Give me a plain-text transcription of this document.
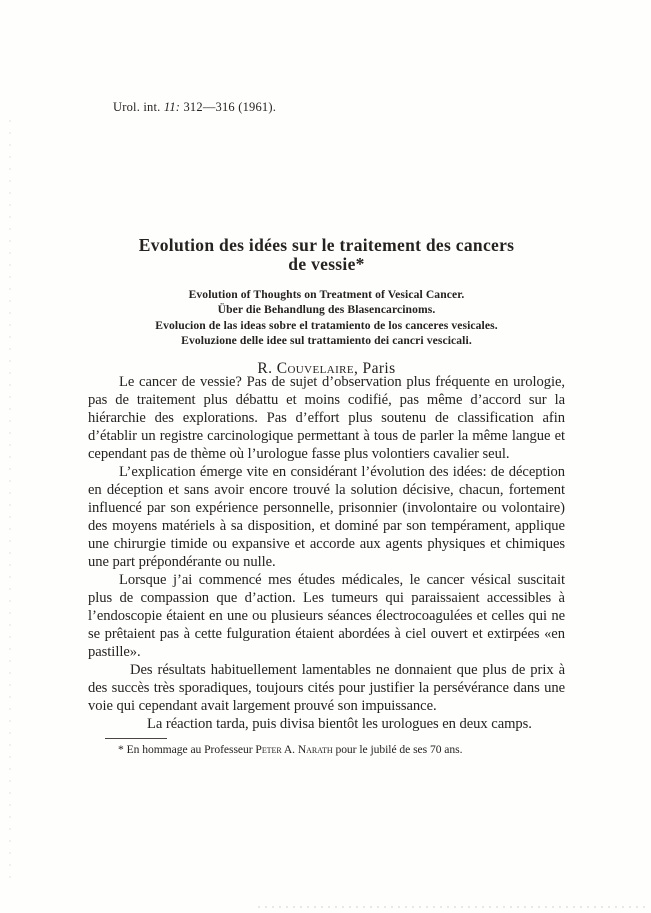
Urol. int. 11: 312—316 (1961).
Evolution des idées sur le traitement des cancers
de vessie*
Evolution of Thoughts on Treatment of Vesical Cancer.
Über die Behandlung des Blasencarcinoms.
Evolucion de las ideas sobre el tratamiento de los canceres vesicales.
Evoluzione delle idee sul trattamiento dei cancri vescicali.
R. Couvelaire, Paris

Le cancer de vessie? Pas de sujet d’observation plus fréquente en urologie, pas de traitement plus débattu et moins codifié, pas même d’accord sur la hiérarchie des explorations. Pas d’effort plus soutenu de classification afin d’établir un registre carcinologique permettant à tous de parler la même langue et cependant pas de thème où l’urologue fasse plus volontiers cavalier seul.

L’explication émerge vite en considérant l’évolution des idées: de déception en déception et sans avoir encore trouvé la solution décisive, chacun, fortement influencé par son expérience personnelle, prisonnier (involontaire ou volontaire) des moyens matériels à sa disposition, et dominé par son tempérament, applique une chirurgie timide ou expansive et accorde aux agents physiques et chimiques une part prépondérante ou nulle.

Lorsque j’ai commencé mes études médicales, le cancer vésical suscitait plus de compassion que d’action. Les tumeurs qui paraissaient accessibles à l’endoscopie étaient en une ou plusieurs séances électrocoagulées et celles qui ne se prêtaient pas à cette fulguration étaient abordées à ciel ouvert et extirpées «en pastille».

Des résultats habituellement lamentables ne donnaient que plus de prix à des succès très sporadiques, toujours cités pour justifier la persévérance dans une voie qui cependant avait largement prouvé son impuissance.

La réaction tarda, puis divisa bientôt les urologues en deux camps.

* En hommage au Professeur Peter A. Narath pour le jubilé de ses 70 ans.
